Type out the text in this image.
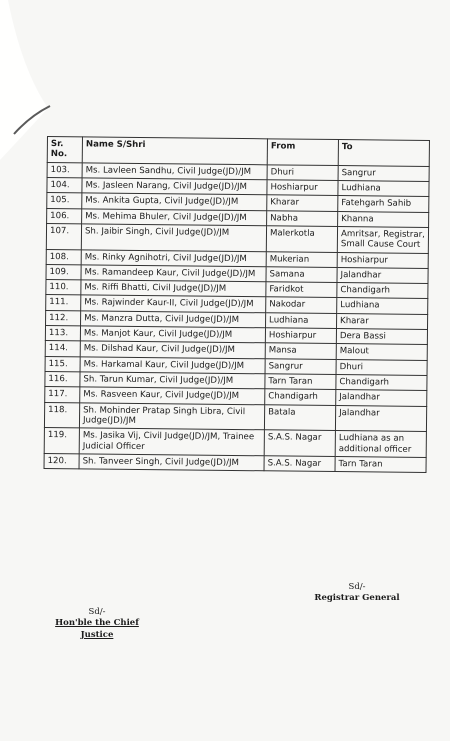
Sr. No.	Name S/Shri	From	To
103.	Ms. Lavleen Sandhu, Civil Judge(JD)/JM	Dhuri	Sangrur
104.	Ms. Jasleen Narang, Civil Judge(JD)/JM	Hoshiarpur	Ludhiana
105.	Ms. Ankita Gupta, Civil Judge(JD)/JM	Kharar	Fatehgarh Sahib
106.	Ms. Mehima Bhuler, Civil Judge(JD)/JM	Nabha	Khanna
107.	Sh. Jaibir Singh, Civil Judge(JD)/JM	Malerkotla	Amritsar, Registrar, Small Cause Court
108.	Ms. Rinky Agnihotri, Civil Judge(JD)/JM	Mukerian	Hoshiarpur
109.	Ms. Ramandeep Kaur, Civil Judge(JD)/JM	Samana	Jalandhar
110.	Ms. Riffi Bhatti, Civil Judge(JD)/JM	Faridkot	Chandigarh
111.	Ms. Rajwinder Kaur-II, Civil Judge(JD)/JM	Nakodar	Ludhiana
112.	Ms. Manzra Dutta, Civil Judge(JD)/JM	Ludhiana	Kharar
113.	Ms. Manjot Kaur, Civil Judge(JD)/JM	Hoshiarpur	Dera Bassi
114.	Ms. Dilshad Kaur, Civil Judge(JD)/JM	Mansa	Malout
115.	Ms. Harkamal Kaur, Civil Judge(JD)/JM	Sangrur	Dhuri
116.	Sh. Tarun Kumar, Civil Judge(JD)/JM	Tarn Taran	Chandigarh
117.	Ms. Rasveen Kaur, Civil Judge(JD)/JM	Chandigarh	Jalandhar
118.	Sh. Mohinder Pratap Singh Libra, Civil Judge(JD)/JM	Batala	Jalandhar
119.	Ms. Jasika Vij, Civil Judge(JD)/JM, Trainee Judicial Officer	S.A.S. Nagar	Ludhiana as an additional officer
120.	Sh. Tanveer Singh, Civil Judge(JD)/JM	S.A.S. Nagar	Tarn Taran
Sd/-
Registrar General
Sd/-
Hon'ble the Chief Justice
